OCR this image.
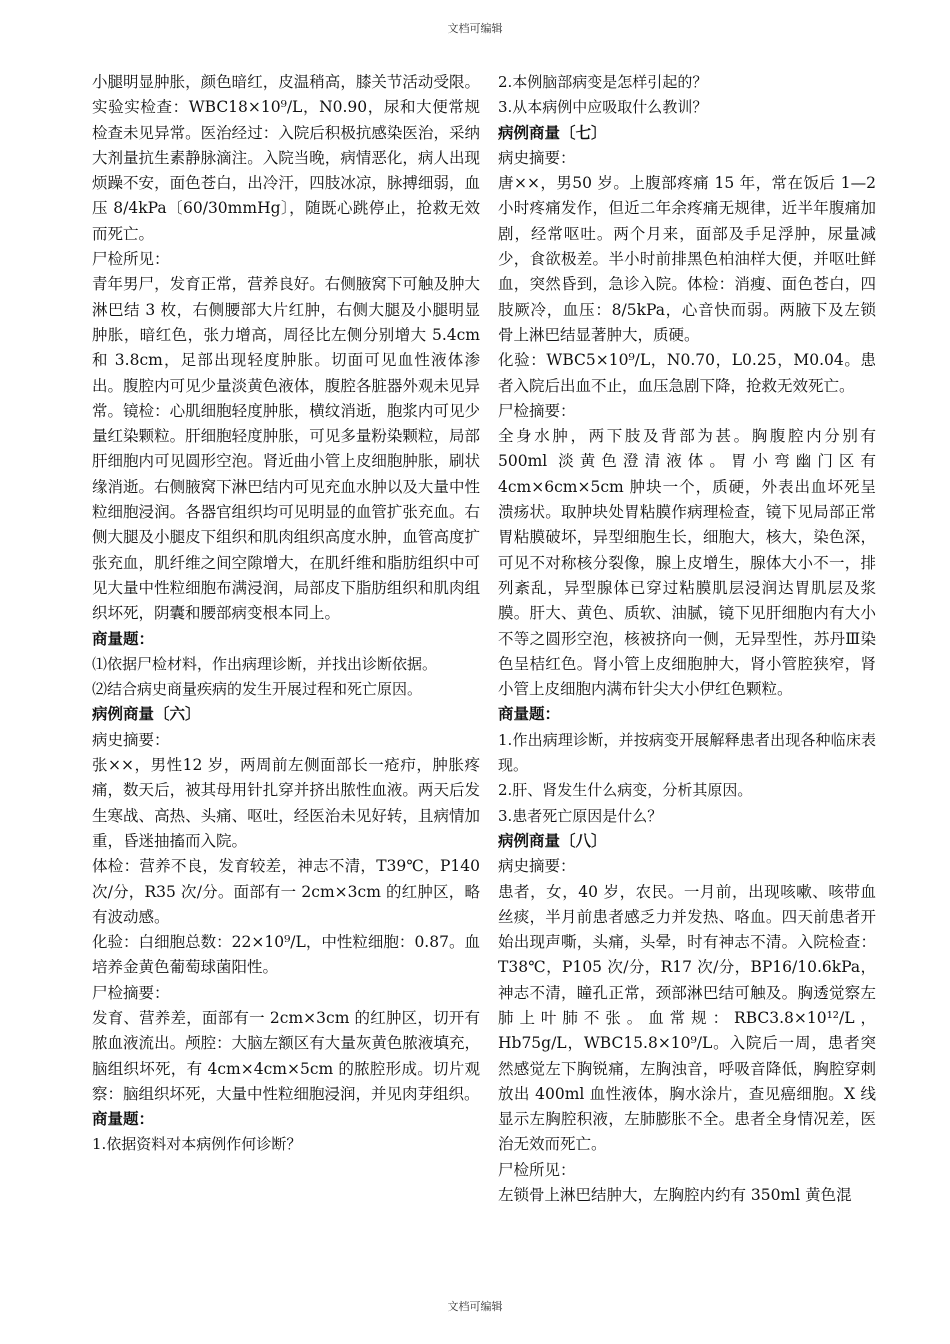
文档可编辑

小腿明显肿胀，颜色暗红，皮温稍高，膝关节活动受限。实验实检查：WBC18×10⁹/L，N0.90，尿和大便常规检查未见异常。医治经过：入院后积极抗感染医治，采纳大剂量抗生素静脉滴注。入院当晚，病情恶化，病人出现烦躁不安，面色苍白，出冷汗，四肢冰凉，脉搏细弱，血压 8/4kPa〔60/30mmHg〕，随既心跳停止，抢救无效而死亡。

尸检所见：

青年男尸，发育正常，营养良好。右侧腋窝下可触及肿大淋巴结 3 枚，右侧腰部大片红肿，右侧大腿及小腿明显肿胀，暗红色，张力增高，周径比左侧分别增大 5.4cm 和 3.8cm，足部出现轻度肿胀。切面可见血性液体渗出。腹腔内可见少量淡黄色液体，腹腔各脏器外观未见异常。镜检：心肌细胞轻度肿胀，横纹消逝，胞浆内可见少量红染颗粒。肝细胞轻度肿胀，可见多量粉染颗粒，局部肝细胞内可见圆形空泡。肾近曲小管上皮细胞肿胀，刷状缘消逝。右侧腋窝下淋巴结内可见充血水肿以及大量中性粒细胞浸润。各器官组织均可见明显的血管扩张充血。右侧大腿及小腿皮下组织和肌肉组织高度水肿，血管高度扩张充血，肌纤维之间空隙增大，在肌纤维和脂肪组织中可见大量中性粒细胞布满浸润，局部皮下脂肪组织和肌肉组织坏死，阴囊和腰部病变根本同上。

商量题：

⑴依据尸检材料，作出病理诊断，并找出诊断依据。

⑵结合病史商量疾病的发生开展过程和死亡原因。

病例商量〔六〕

病史摘要：

张××，男性12 岁，两周前左侧面部长一疮疖，肿胀疼痛，数天后，被其母用针扎穿并挤出脓性血液。两天后发生寒战、高热、头痛、呕吐，经医治未见好转，且病情加重，昏迷抽搐而入院。

体检：营养不良，发育较差，神志不清，T39℃，P140 次/分，R35 次/分。面部有一 2cm×3cm 的红肿区，略有波动感。

化验：白细胞总数：22×10⁹/L，中性粒细胞：0.87。血培养金黄色葡萄球菌阳性。

尸检摘要：

发育、营养差，面部有一 2cm×3cm 的红肿区，切开有脓血液流出。颅腔：大脑左额区有大量灰黄色脓液填充，脑组织坏死，有 4cm×4cm×5cm 的脓腔形成。切片观察：脑组织坏死，大量中性粒细胞浸润，并见肉芽组织。

商量题：

1.依据资料对本病例作何诊断？

2.本例脑部病变是怎样引起的？

3.从本病例中应吸取什么教训？

病例商量〔七〕

病史摘要：

唐××，男50 岁。上腹部疼痛 15 年，常在饭后 1—2 小时疼痛发作，但近二年余疼痛无规律，近半年腹痛加剧，经常呕吐。两个月来，面部及手足浮肿，尿量减少，食欲极差。半小时前排黑色柏油样大便，并呕吐鲜血，突然昏到，急诊入院。体检：消瘦、面色苍白，四肢厥冷，血压：8/5kPa，心音快而弱。两腋下及左锁骨上淋巴结显著肿大，质硬。

化验：WBC5×10⁹/L，N0.70，L0.25，M0.04。患者入院后出血不止，血压急剧下降，抢救无效死亡。

尸检摘要：

全身水肿，两下肢及背部为甚。胸腹腔内分别有 500ml 淡黄色澄清液体。胃小弯幽门区有 4cm×6cm×5cm 肿块一个，质硬，外表出血坏死呈溃疡状。取肿块处胃粘膜作病理检查，镜下见局部正常胃粘膜破坏，异型细胞生长，细胞大，核大，染色深，可见不对称核分裂像，腺上皮增生，腺体大小不一，排列紊乱，异型腺体已穿过粘膜肌层浸润达胃肌层及浆膜。肝大、黄色、质软、油腻，镜下见肝细胞内有大小不等之圆形空泡，核被挤向一侧，无异型性，苏丹Ⅲ染色呈桔红色。肾小管上皮细胞肿大，肾小管腔狭窄，肾小管上皮细胞内满布针尖大小伊红色颗粒。

商量题：

1.作出病理诊断，并按病变开展解释患者出现各种临床表现。

2.肝、肾发生什么病变，分析其原因。

3.患者死亡原因是什么？

病例商量〔八〕

病史摘要：

患者，女，40 岁，农民。一月前，出现咳嗽、咳带血丝痰，半月前患者感乏力并发热、咯血。四天前患者开始出现声嘶，头痛，头晕，时有神志不清。入院检查：T38℃，P105 次/分，R17 次/分，BP16/10.6kPa，神志不清，瞳孔正常，颈部淋巴结可触及。胸透觉察左肺上叶肺不张。血常规：RBC3.8×10¹²/L，Hb75g/L，WBC15.8×10⁹/L。入院后一周，患者突然感觉左下胸锐痛，左胸浊音，呼吸音降低，胸腔穿刺放出 400ml 血性液体，胸水涂片，查见癌细胞。X 线显示左胸腔积液，左肺膨胀不全。患者全身情况差，医治无效而死亡。

尸检所见：

左锁骨上淋巴结肿大，左胸腔内约有 350ml 黄色混

文档可编辑
